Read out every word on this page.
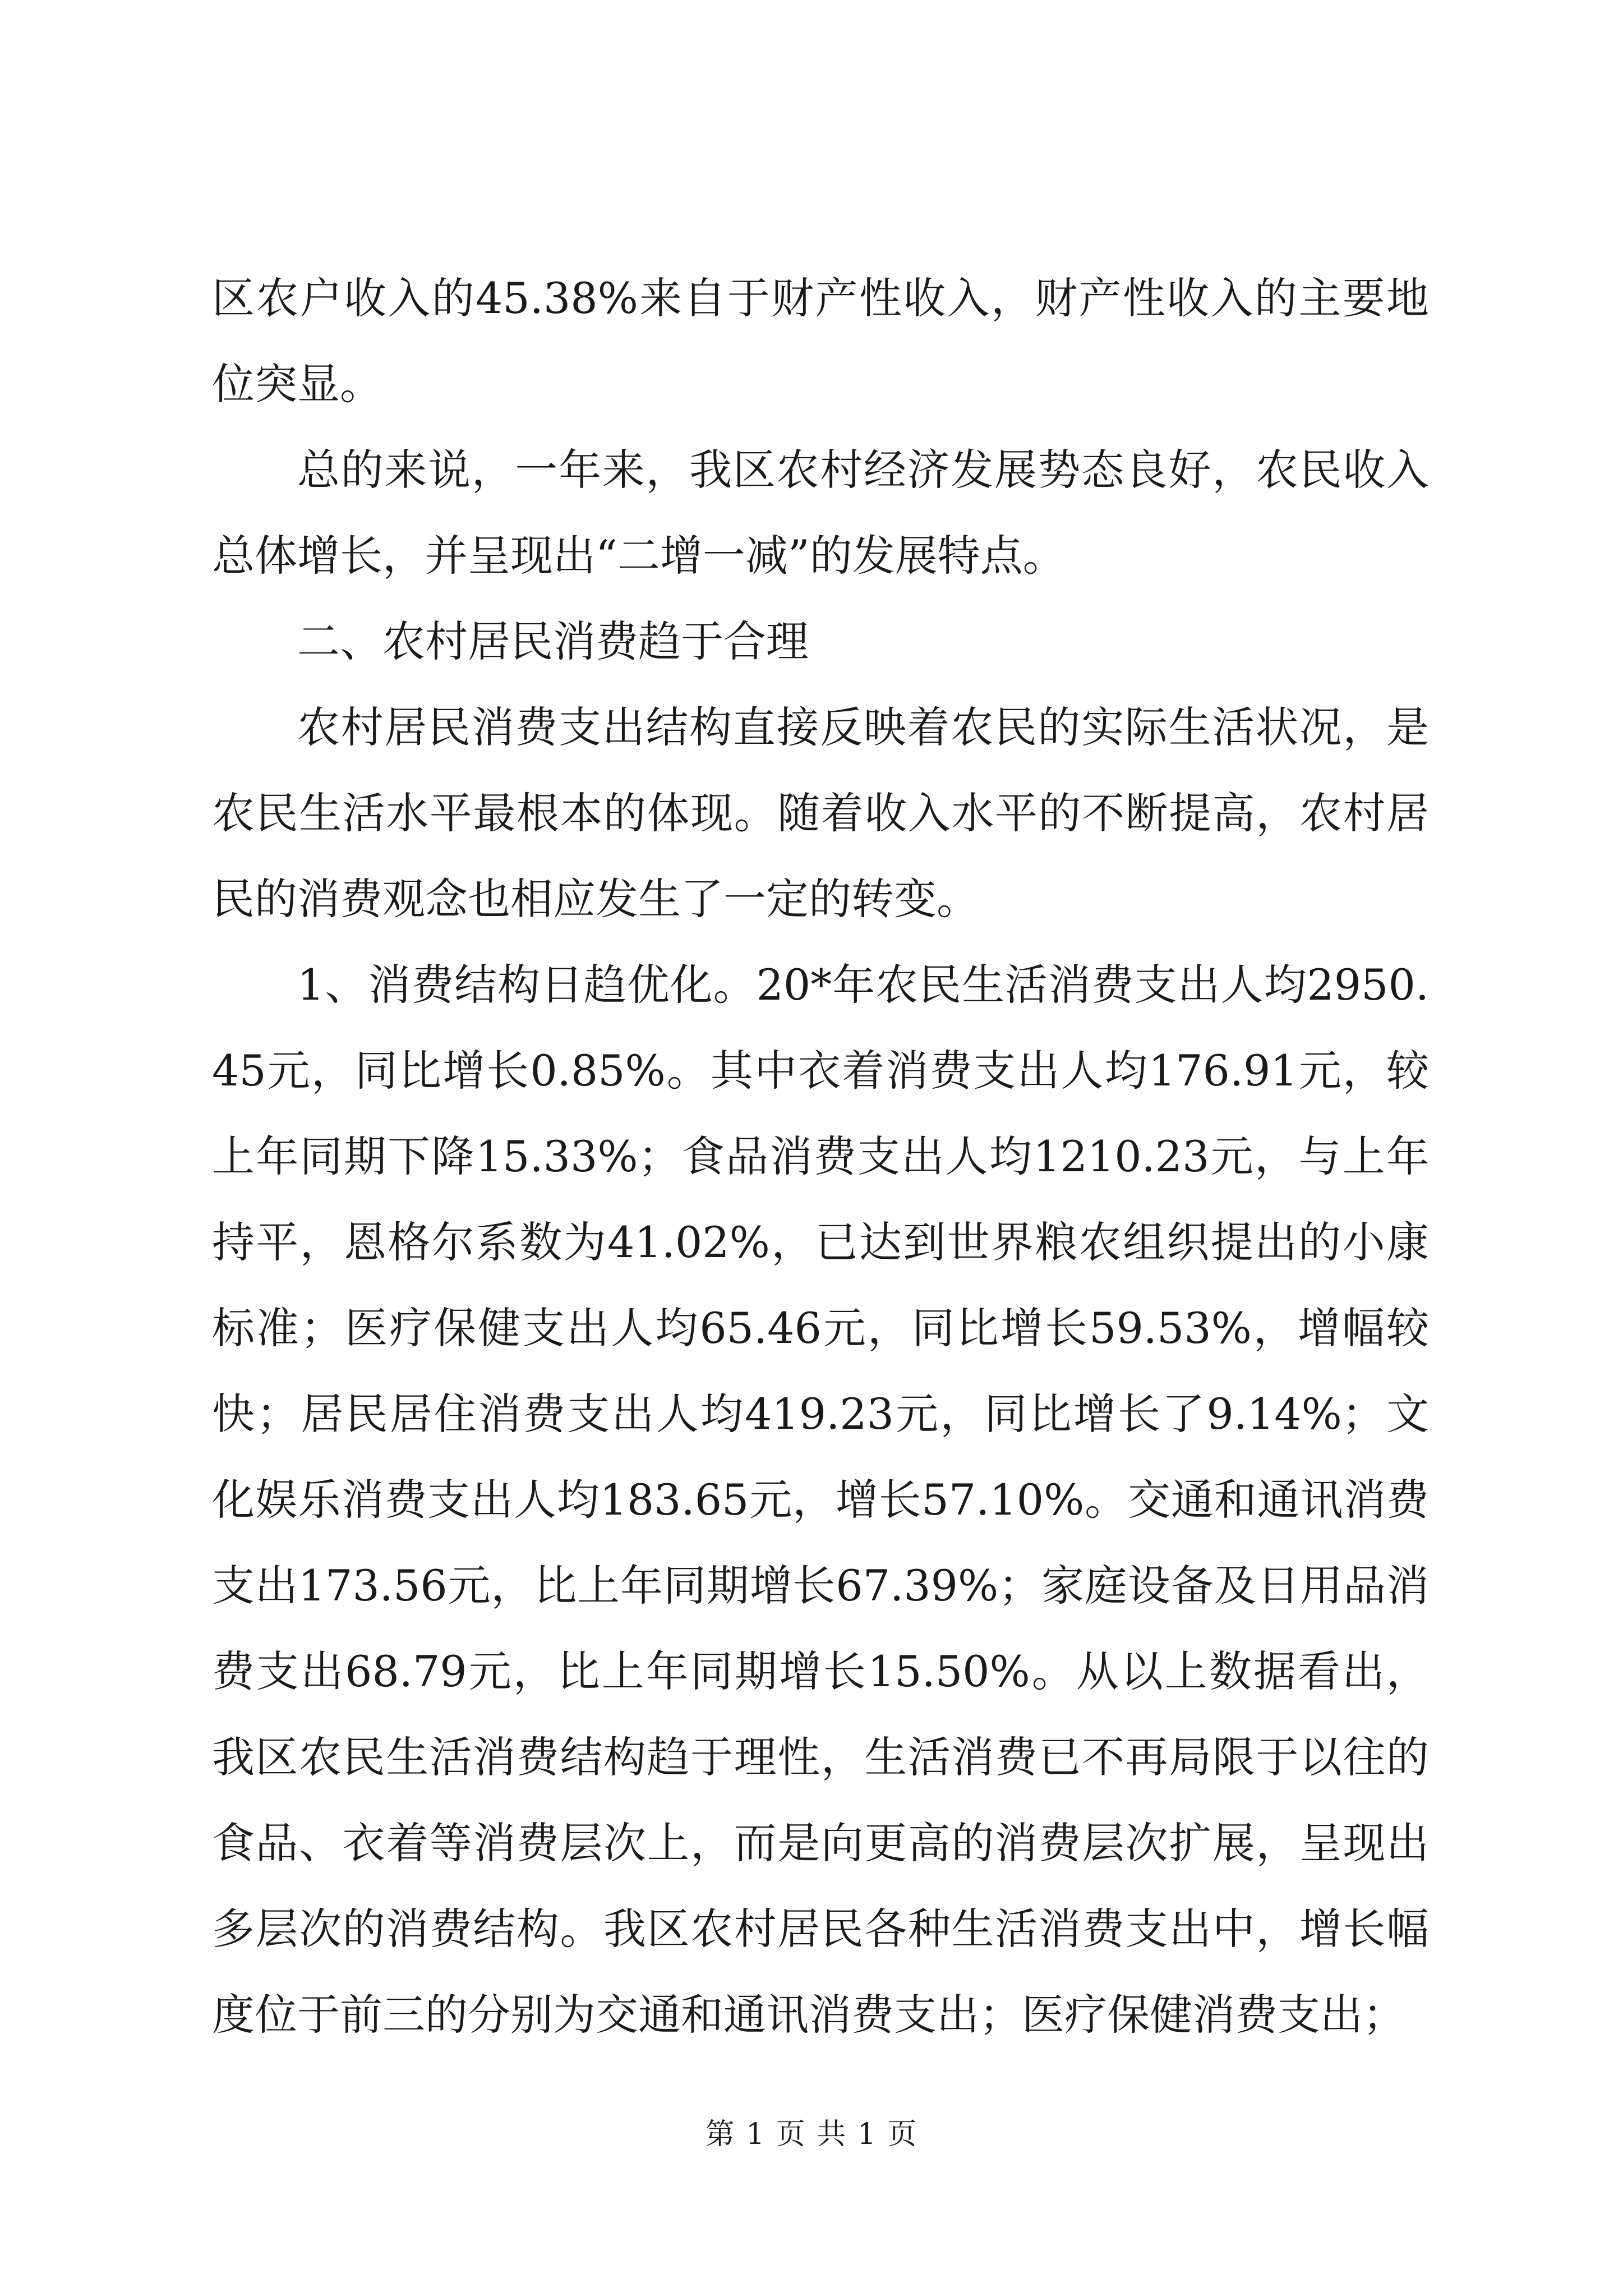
区农户收入的45.38%来自于财产性收入，财产性收入的主要地位突显。

总的来说，一年来，我区农村经济发展势态良好，农民收入总体增长，并呈现出“二增一减”的发展特点。

二、农村居民消费趋于合理

农村居民消费支出结构直接反映着农民的实际生活状况，是农民生活水平最根本的体现。随着收入水平的不断提高，农村居民的消费观念也相应发生了一定的转变。

1、消费结构日趋优化。20*年农民生活消费支出人均2950.45元，同比增长0.85%。其中衣着消费支出人均176.91元，较上年同期下降15.33%；食品消费支出人均1210.23元，与上年持平，恩格尔系数为41.02%，已达到世界粮农组织提出的小康标准；医疗保健支出人均65.46元，同比增长59.53%，增幅较快；居民居住消费支出人均419.23元，同比增长了9.14%；文化娱乐消费支出人均183.65元，增长57.10%。交通和通讯消费支出173.56元，比上年同期增长67.39%；家庭设备及日用品消费支出68.79元，比上年同期增长15.50%。从以上数据看出，我区农民生活消费结构趋于理性，生活消费已不再局限于以往的食品、衣着等消费层次上，而是向更高的消费层次扩展，呈现出多层次的消费结构。我区农村居民各种生活消费支出中，增长幅度位于前三的分别为交通和通讯消费支出；医疗保健消费支出；

第 1 页 共 1 页
